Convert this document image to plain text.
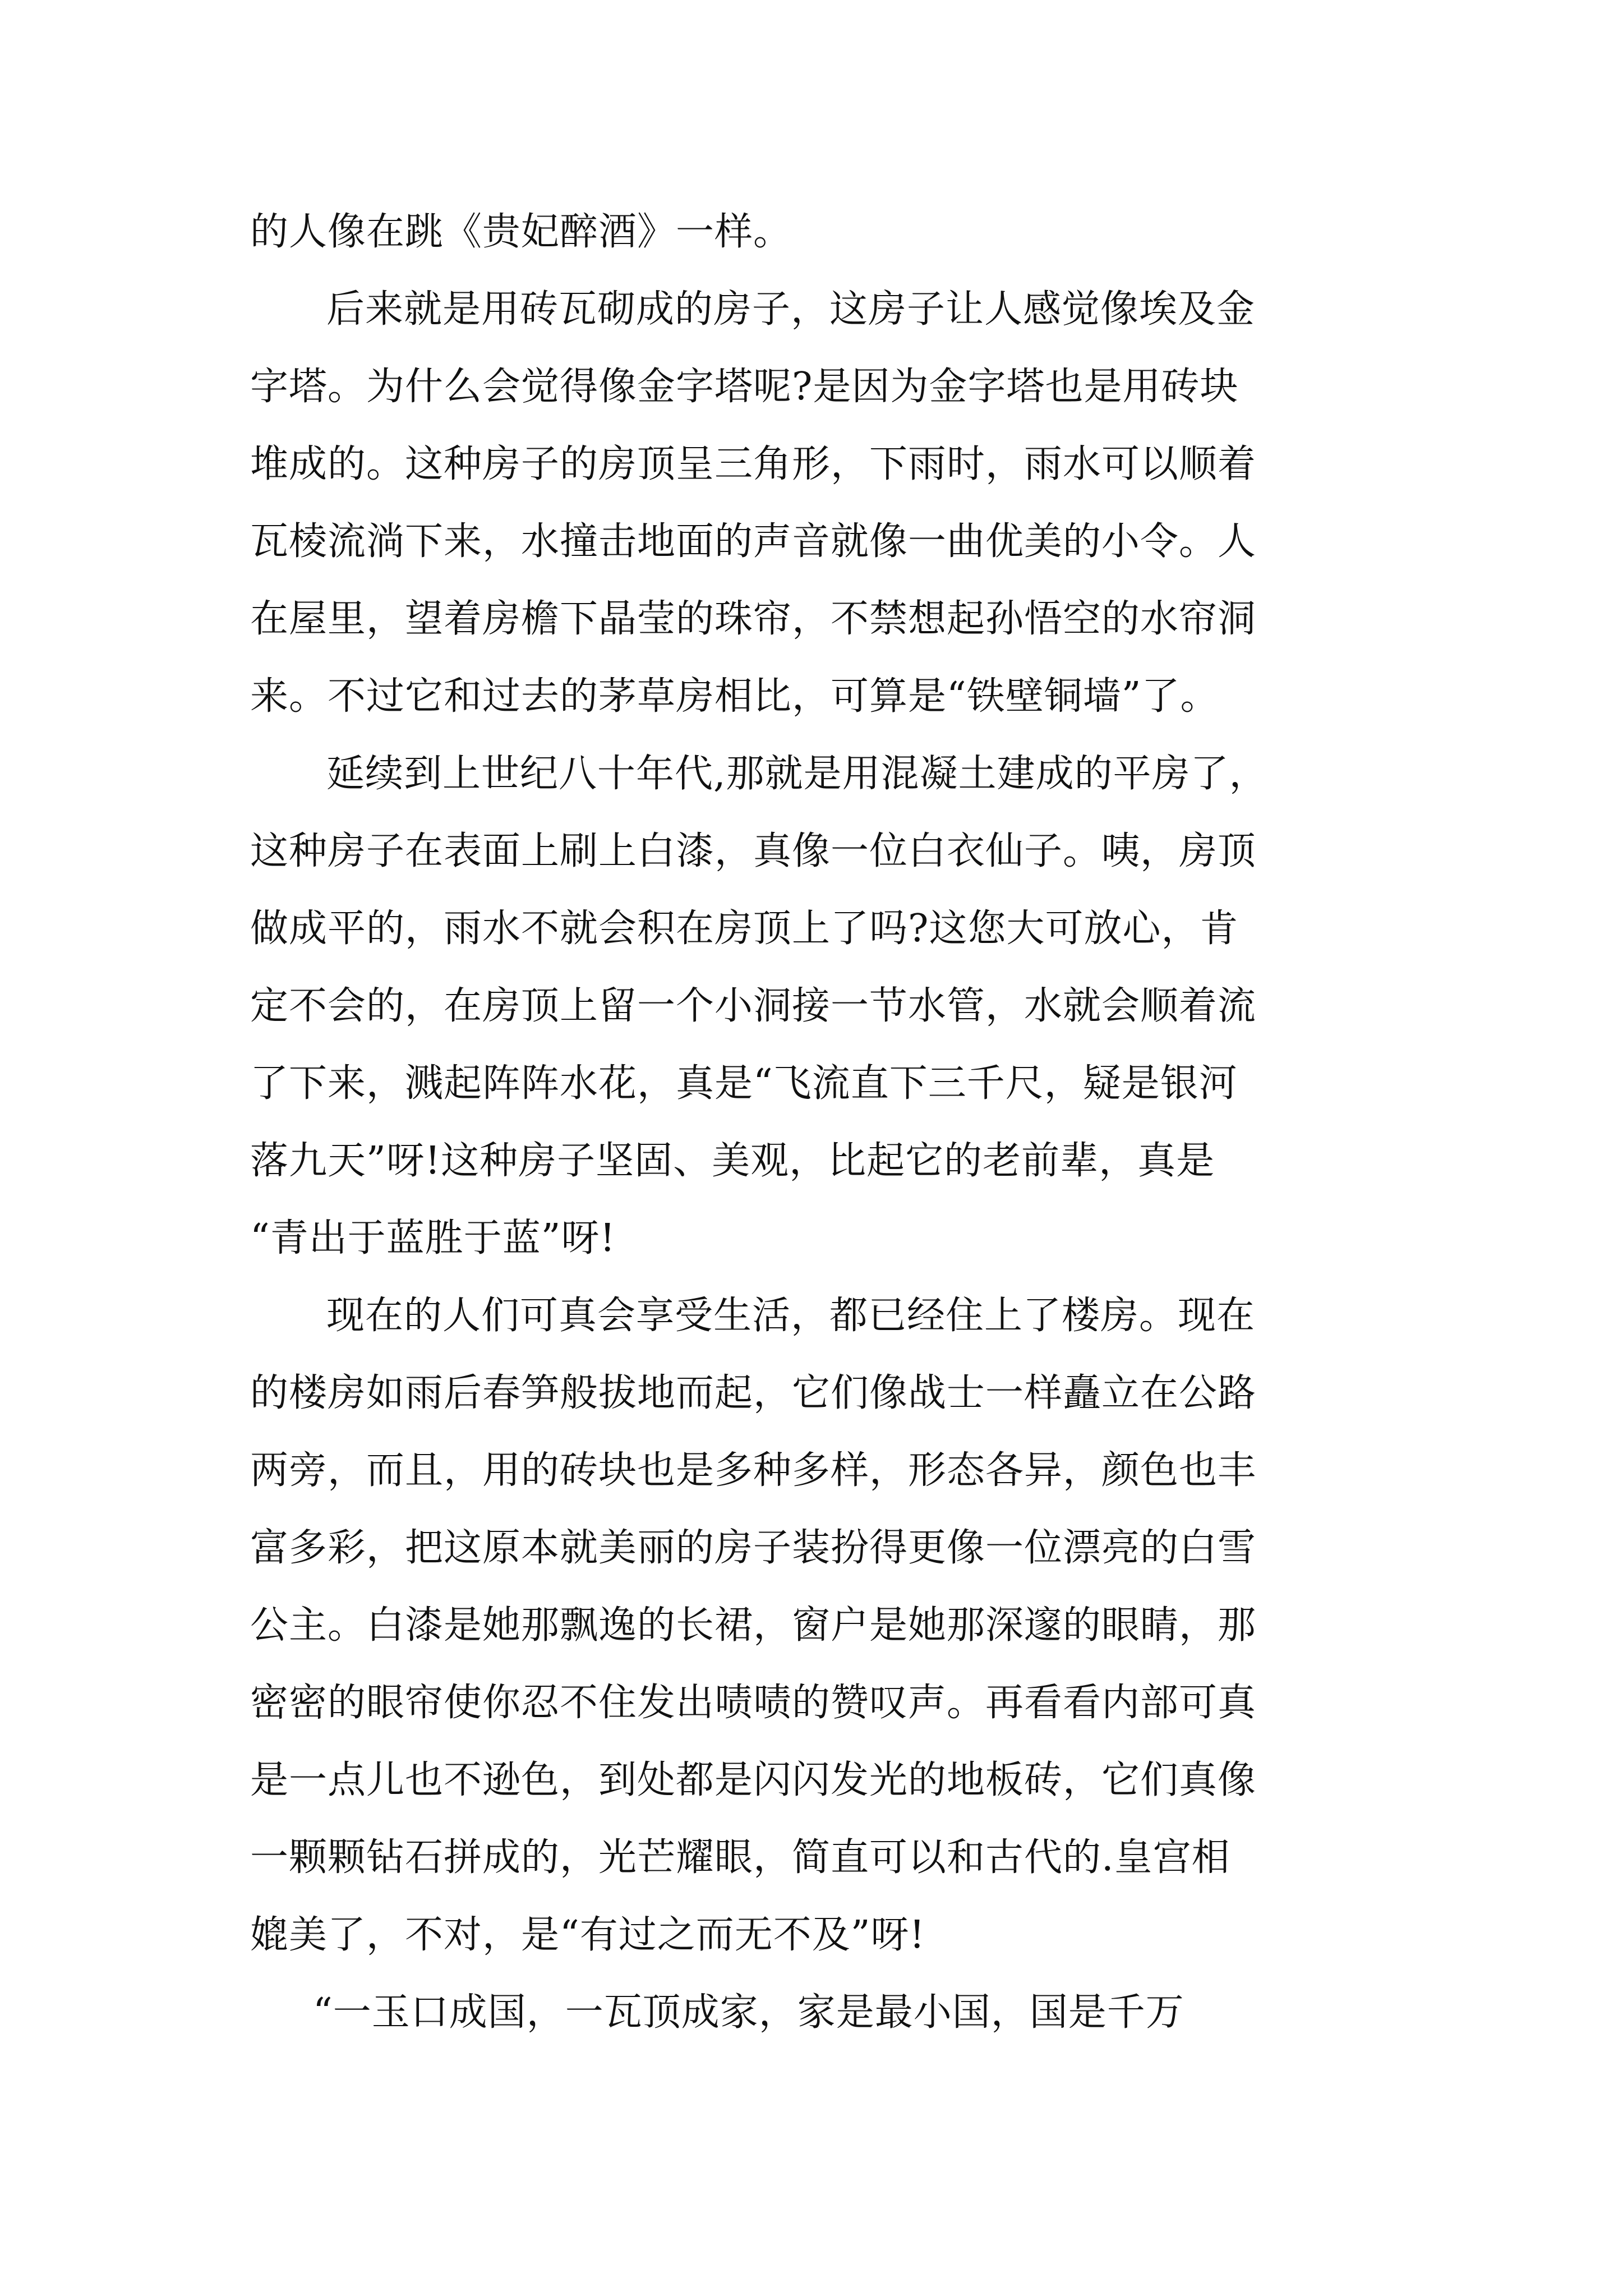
的人像在跳《贵妃醉酒》一样。
后来就是用砖瓦砌成的房子，这房子让人感觉像埃及金
字塔。为什么会觉得像金字塔呢?是因为金字塔也是用砖块
堆成的。这种房子的房顶呈三角形，下雨时，雨水可以顺着
瓦棱流淌下来，水撞击地面的声音就像一曲优美的小令。人
在屋里，望着房檐下晶莹的珠帘，不禁想起孙悟空的水帘洞
来。不过它和过去的茅草房相比，可算是“铁壁铜墙”了。
延续到上世纪八十年代,那就是用混凝土建成的平房了，
这种房子在表面上刷上白漆，真像一位白衣仙子。咦，房顶
做成平的，雨水不就会积在房顶上了吗?这您大可放心，肯
定不会的，在房顶上留一个小洞接一节水管，水就会顺着流
了下来，溅起阵阵水花，真是“飞流直下三千尺，疑是银河
落九天”呀!这种房子坚固、美观，比起它的老前辈，真是
“青出于蓝胜于蓝”呀!
现在的人们可真会享受生活，都已经住上了楼房。现在
的楼房如雨后春笋般拔地而起，它们像战士一样矗立在公路
两旁，而且，用的砖块也是多种多样，形态各异，颜色也丰
富多彩，把这原本就美丽的房子装扮得更像一位漂亮的白雪
公主。白漆是她那飘逸的长裙，窗户是她那深邃的眼睛，那
密密的眼帘使你忍不住发出啧啧的赞叹声。再看看内部可真
是一点儿也不逊色，到处都是闪闪发光的地板砖，它们真像
一颗颗钻石拼成的，光芒耀眼，简直可以和古代的.皇宫相
媲美了，不对，是“有过之而无不及”呀!
“一玉口成国，一瓦顶成家，家是最小国，国是千万
